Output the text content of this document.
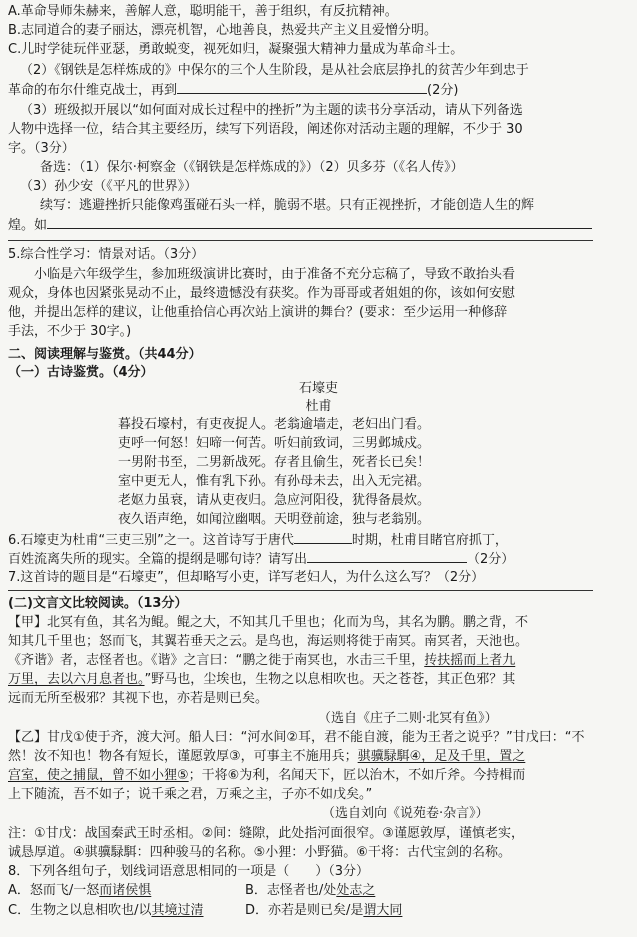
A.革命导师朱赫来，善解人意，聪明能干，善于组织，有反抗精神。
B.志同道合的妻子丽达，漂亮机智，心地善良，热爱共产主义且爱憎分明。
C.儿时学徒玩伴亚瑟，勇敢蜕变，视死如归，凝聚强大精神力量成为革命斗士。
（2）《钢铁是怎样炼成的》中保尔的三个人生阶段，是从社会底层挣扎的贫苦少年到忠于
革命的布尔什维克战士，再到	(2分)
（3）班级拟开展以“如何面对成长过程中的挫折”为主题的读书分享活动，请从下列备选
人物中选择一位，结合其主要经历，续写下列语段，阐述你对活动主题的理解，不少于 30
字。（3分）
备选：（1）保尔·柯察金（《钢铁是怎样炼成的》）（2）贝多芬（《名人传》）
（3）孙少安（《平凡的世界》）
续写：逃避挫折只能像鸡蛋碰石头一样，脆弱不堪。只有正视挫折，才能创造人生的辉
煌。如
5.综合性学习：情景对话。（3分）
小临是六年级学生，参加班级演讲比赛时，由于准备不充分忘稿了，导致不敢抬头看
观众，身体也因紧张晃动不止，最终遗憾没有获奖。作为哥哥或者姐姐的你，该如何安慰
他，并提出怎样的建议，让他重拾信心再次站上演讲的舞台？(要求：至少运用一种修辞
手法，不少于 30字。)
二、阅读理解与鉴赏。（共44分）
（一）古诗鉴赏。（4分）
石壕吏
杜甫
暮投石壕村，有吏夜捉人。老翁逾墙走，老妇出门看。
吏呼一何怒！妇啼一何苦。听妇前致词，三男邺城戍。
一男附书至，二男新战死。存者且偷生，死者长已矣！
室中更无人，惟有乳下孙。有孙母未去，出入无完裙。
老妪力虽衰，请从吏夜归。急应河阳役，犹得备晨炊。
夜久语声绝，如闻泣幽咽。天明登前途，独与老翁别。
6.石壕吏为杜甫“三吏三别”之一。这首诗写于唐代	时期，杜甫目睹官府抓丁，
百姓流离失所的现实。全篇的提纲是哪句诗？请写出	（2分）
7.这首诗的题目是“石壕吏”，但却略写小吏，详写老妇人，为什么这么写？（2分）
(二)文言文比较阅读。（13分）
【甲】北冥有鱼，其名为鲲。鲲之大，不知其几千里也；化而为鸟，其名为鹏。鹏之背，不
知其几千里也；怒而飞，其翼若垂天之云。是鸟也，海运则将徙于南冥。南冥者，天池也。
《齐谐》者，志怪者也。《谐》之言曰：“鹏之徙于南冥也，水击三千里，抟扶摇而上者九
万里，去以六月息者也。”野马也，尘埃也，生物之以息相吹也。天之苍苍，其正色邪？其
远而无所至极邪？其视下也，亦若是则已矣。
（选自《庄子二则·北冥有鱼》）
【乙】甘戊①使于齐，渡大河。船人曰：“河水间②耳，君不能自渡，能为王者之说乎？”甘戊曰：“不
然！汝不知也！物各有短长，谨愿敦厚③，可事主不施用兵；骐骥騄駬④，足及千里，置之
宫室，使之捕鼠，曾不如小狸⑤；干将⑥为利，名闻天下，匠以治木，不如斤斧。今持楫而
上下随流，吾不如子；说千乘之君，万乘之主，子亦不如戊矣。”
（选自刘向《说苑卷·杂言》）
注：①甘戊：战国秦武王时丞相。②间：缝隙，此处指河面很窄。③谨愿敦厚，谨慎老实，
诚恳厚道。④骐骥騄駬：四种骏马的名称。⑤小狸：小野猫。⑥干将：古代宝剑的名称。
8．下列各组句子，划线词语意思相同的一项是（　　）（3分）
A．怒而飞/一怒而诸侯惧	B．志怪者也/处处志之
C．生物之以息相吹也/以其境过清	D．亦若是则已矣/是谓大同
